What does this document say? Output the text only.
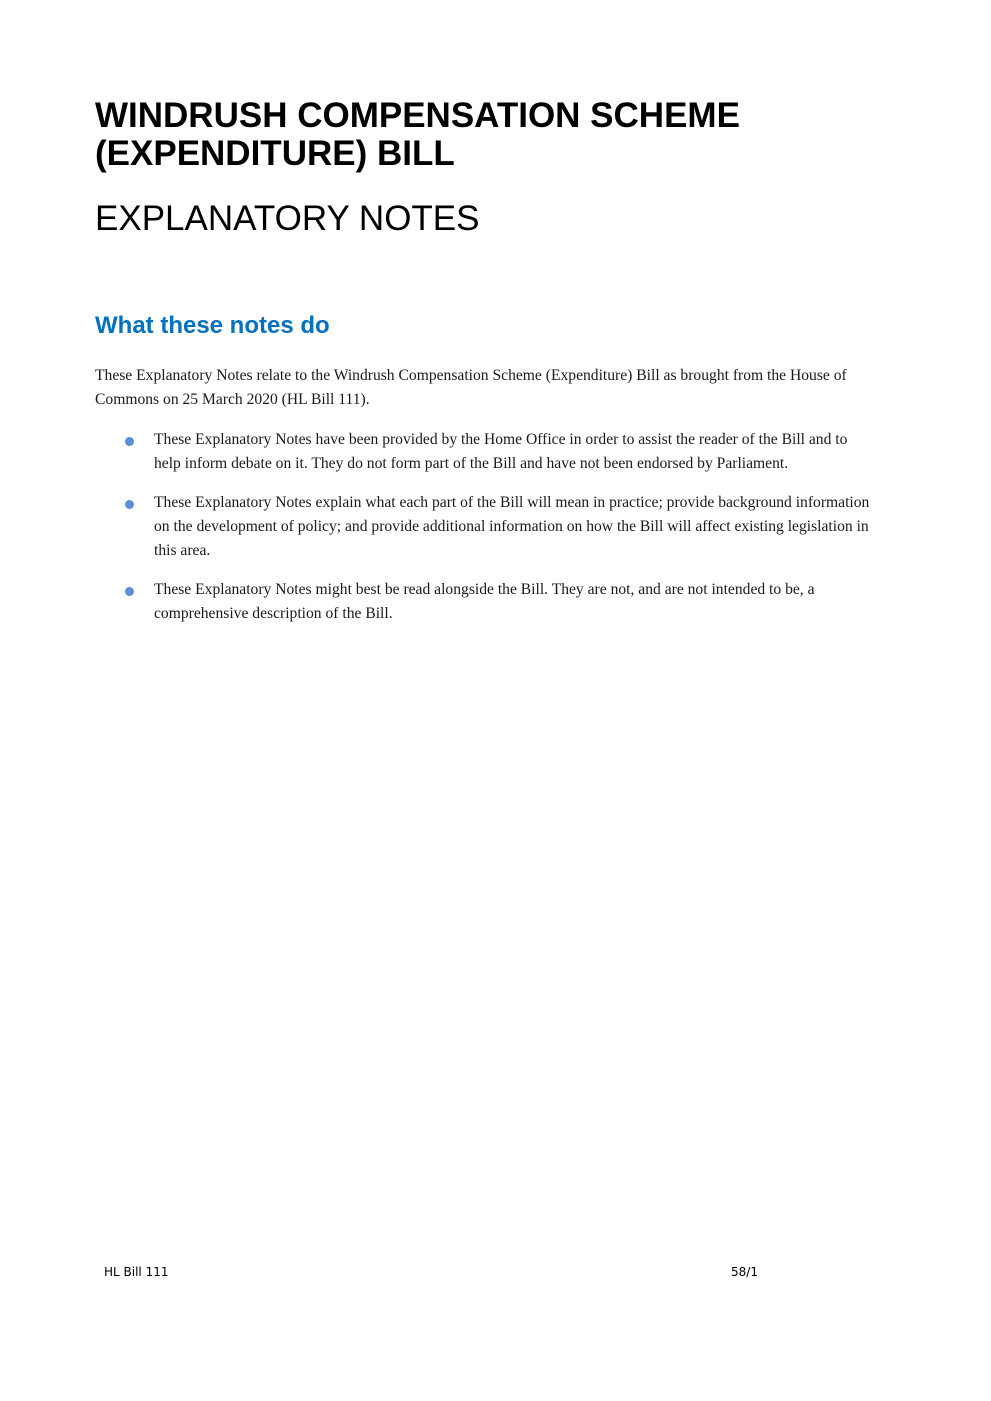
WINDRUSH COMPENSATION SCHEME (EXPENDITURE) BILL
EXPLANATORY NOTES
What these notes do

These Explanatory Notes relate to the Windrush Compensation Scheme (Expenditure) Bill as brought from the House of Commons on 25 March 2020 (HL Bill 111).

These Explanatory Notes have been provided by the Home Office in order to assist the reader of the Bill and to help inform debate on it. They do not form part of the Bill and have not been endorsed by Parliament.
These Explanatory Notes explain what each part of the Bill will mean in practice; provide background information on the development of policy; and provide additional information on how the Bill will affect existing legislation in this area.
These Explanatory Notes might best be read alongside the Bill. They are not, and are not intended to be, a comprehensive description of the Bill.
HL Bill 111	58/1
